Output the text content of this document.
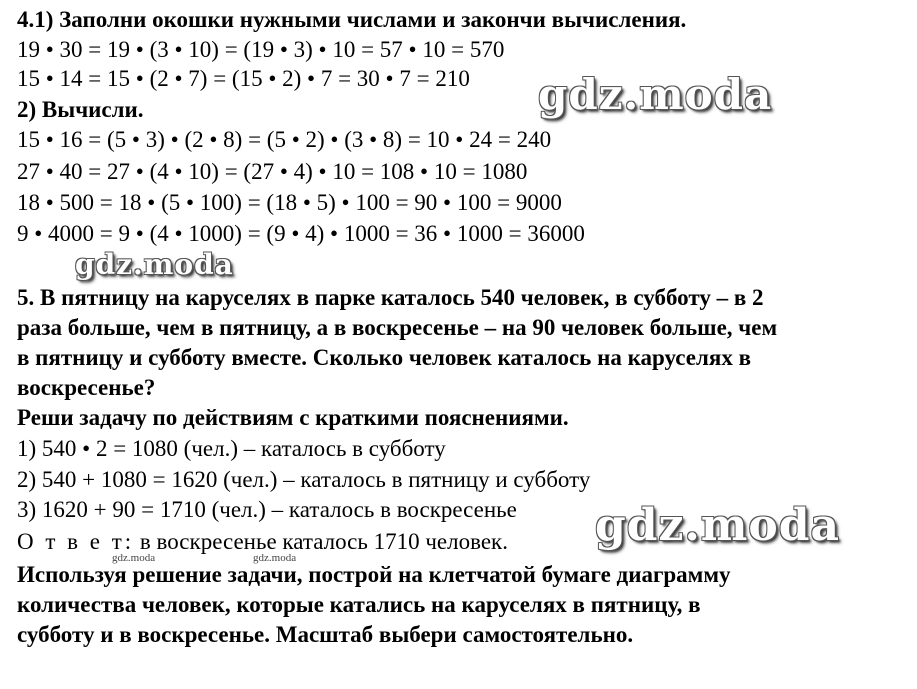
4.1) Заполни окошки нужными числами и закончи вычисления.
19 • 30 = 19 • (3 • 10) = (19 • 3) • 10 = 57 • 10 = 570
15 • 14 = 15 • (2 • 7) = (15 • 2) • 7 = 30 • 7 = 210
2) Вычисли.
15 • 16 = (5 • 3) • (2 • 8) = (5 • 2) • (3 • 8) = 10 • 24 = 240
27 • 40 = 27 • (4 • 10) = (27 • 4) • 10 = 108 • 10 = 1080
18 • 500 = 18 • (5 • 100) = (18 • 5) • 100 = 90 • 100 = 9000
9 • 4000 = 9 • (4 • 1000) = (9 • 4) • 1000 = 36 • 1000 = 36000
5. В пятницу на каруселях в парке каталось 540 человек, в субботу – в 2
раза больше, чем в пятницу, а в воскресенье – на 90 человек больше, чем
в пятницу и субботу вместе. Сколько человек каталось на каруселях в
воскресенье?
Реши задачу по действиям с краткими пояснениями.
1) 540 • 2 = 1080 (чел.) – каталось в субботу
2) 540 + 1080 = 1620 (чел.) – каталось в пятницу и субботу
3) 1620 + 90 = 1710 (чел.) – каталось в воскресенье
О т в е т: в воскресенье каталось 1710 человек.
Используя решение задачи, построй на клетчатой бумаге диаграмму
количества человек, которые катались на каруселях в пятницу, в
субботу и в воскресенье. Масштаб выбери самостоятельно.
gdz.moda
gdz.moda
gdz.moda
gdz.moda	gdz.moda
